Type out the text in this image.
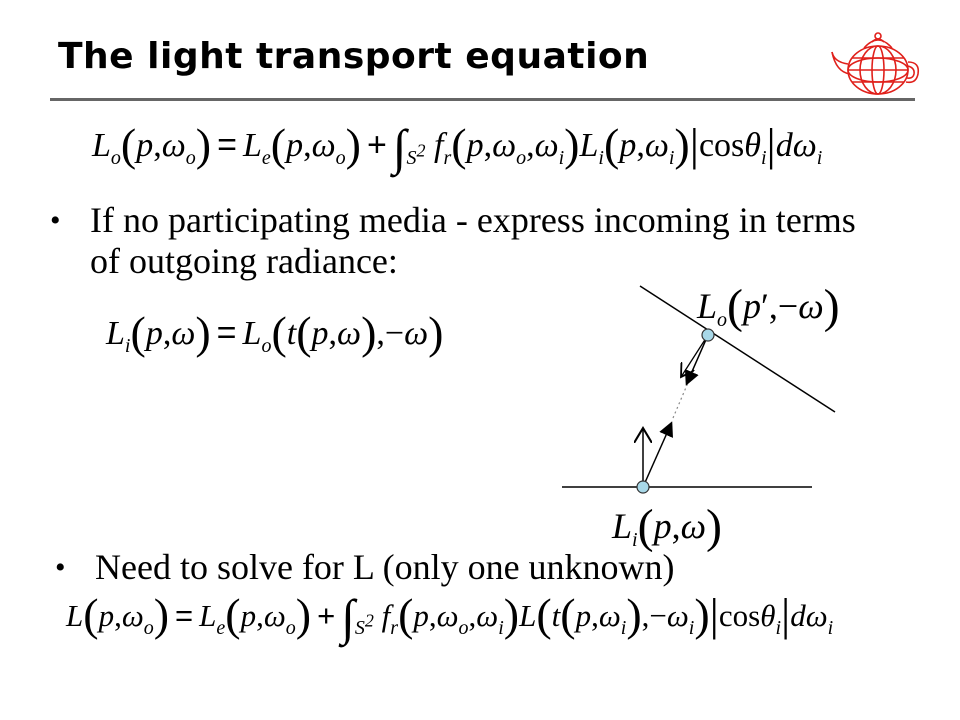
The light transport equation
$L_o(p,\omega_o) = L_e(p,\omega_o) + \int_{S^2}$ $f_r(p,\omega_o,\omega_i)L_i(p,\omega_i)|\cos\theta_i|d\omega_i$
• If no participating media - express incoming in terms of outgoing radiance:
$L_i(p,\omega) = L_o(t(p,\omega),-\omega)$
$L_o(p',-\omega)$
$L_i(p,\omega)$
• Need to solve for L (only one unknown)
$L(p,\omega_o) = L_e(p,\omega_o) + \int_{S^2}$ $f_r(p,\omega_o,\omega_i)L(t(p,\omega_i),-\omega_i)|\cos\theta_i|d\omega_i$
